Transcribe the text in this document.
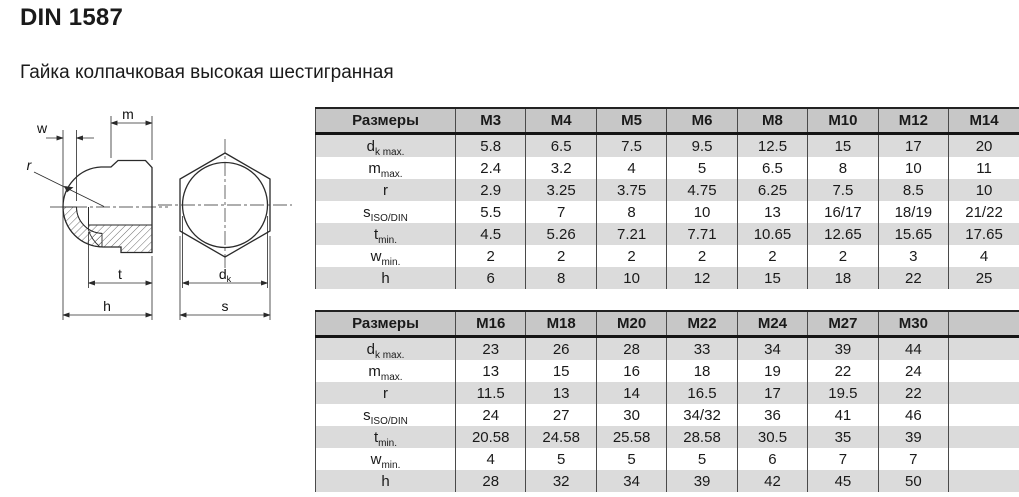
DIN 1587
Гайка колпачковая высокая шестигранная
m
w
r
t
h
dk
s
Размеры	M3	M4	M5	M6	M8	M10	M12	M14
$d_{k max.}$	5.8	6.5	7.5	9.5	12.5	15	17	20
$m_{max.}$	2.4	3.2	4	5	6.5	8	10	11
r	2.9	3.25	3.75	4.75	6.25	7.5	8.5	10
$s_{ISO/DIN}$	5.5	7	8	10	13	16/17	18/19	21/22
$t_{min.}$	4.5	5.26	7.21	7.71	10.65	12.65	15.65	17.65
$w_{min.}$	2	2	2	2	2	2	3	4
h	6	8	10	12	15	18	22	25
Размеры	M16	M18	M20	M22	M24	M27	M30	
$d_{k max.}$	23	26	28	33	34	39	44	
$m_{max.}$	13	15	16	18	19	22	24	
r	11.5	13	14	16.5	17	19.5	22	
$s_{ISO/DIN}$	24	27	30	34/32	36	41	46	
$t_{min.}$	20.58	24.58	25.58	28.58	30.5	35	39	
$w_{min.}$	4	5	5	5	6	7	7	
h	28	32	34	39	42	45	50	
